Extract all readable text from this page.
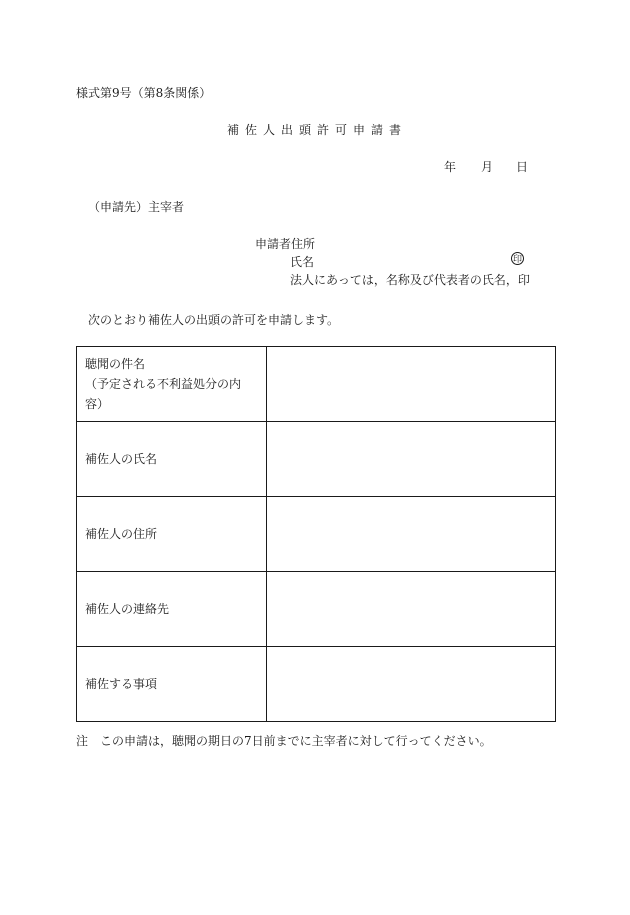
様式第9号（第8条関係）
補佐人出頭許可申請書
年 月 日
（申請先）主宰者
申請者住所
氏名	印
法人にあっては，名称及び代表者の氏名，印
次のとおり補佐人の出頭の許可を申請します。
聴聞の件名
（予定される不利益処分の内容）	

補佐人の氏名	

補佐人の住所	

補佐人の連絡先	

補佐する事項	

注　この申請は，聴聞の期日の7日前までに主宰者に対して行ってください。
